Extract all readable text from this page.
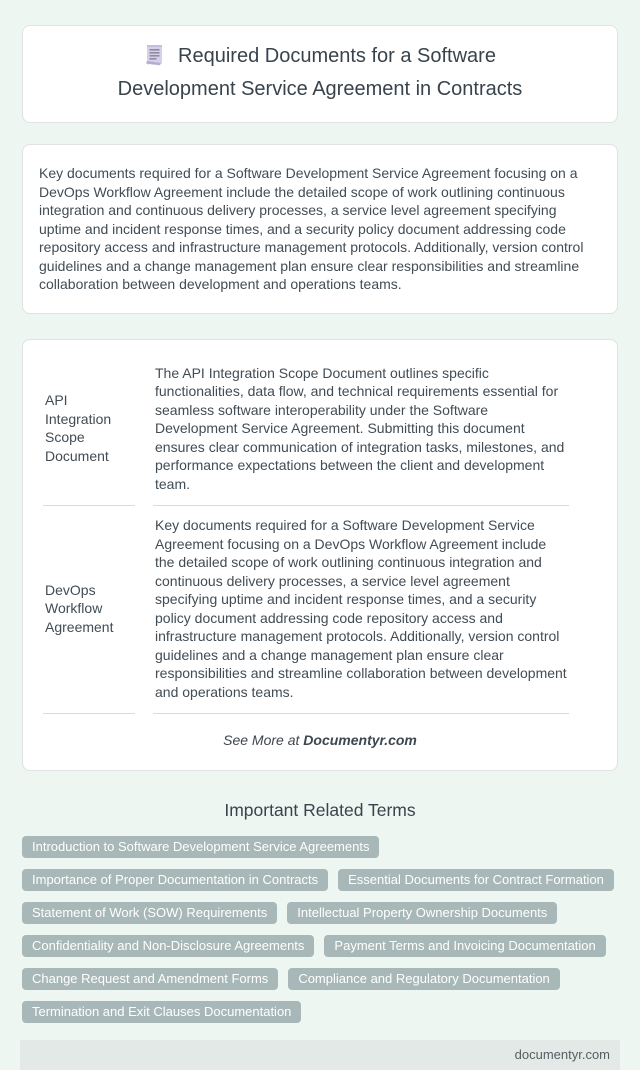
Required Documents for a Software Development Service Agreement in Contracts

Key documents required for a Software Development Service Agreement focusing on a DevOps Workflow Agreement include the detailed scope of work outlining continuous integration and continuous delivery processes, a service level agreement specifying uptime and incident response times, and a security policy document addressing code repository access and infrastructure management protocols. Additionally, version control guidelines and a change management plan ensure clear responsibilities and streamline collaboration between development and operations teams.

API Integration Scope Document	The API Integration Scope Document outlines specific functionalities, data flow, and technical requirements essential for seamless software interoperability under the Software Development Service Agreement. Submitting this document ensures clear communication of integration tasks, milestones, and performance expectations between the client and development team.
DevOps Workflow Agreement	Key documents required for a Software Development Service Agreement focusing on a DevOps Workflow Agreement include the detailed scope of work outlining continuous integration and continuous delivery processes, a service level agreement specifying uptime and incident response times, and a security policy document addressing code repository access and infrastructure management protocols. Additionally, version control guidelines and a change management plan ensure clear responsibilities and streamline collaboration between development and operations teams.
See More at Documentyr.com
Important Related Terms
Introduction to Software Development Service Agreements
Importance of Proper Documentation in Contracts	Essential Documents for Contract Formation
Statement of Work (SOW) Requirements	Intellectual Property Ownership Documents
Confidentiality and Non-Disclosure Agreements	Payment Terms and Invoicing Documentation
Change Request and Amendment Forms	Compliance and Regulatory Documentation
Termination and Exit Clauses Documentation
documentyr.com
